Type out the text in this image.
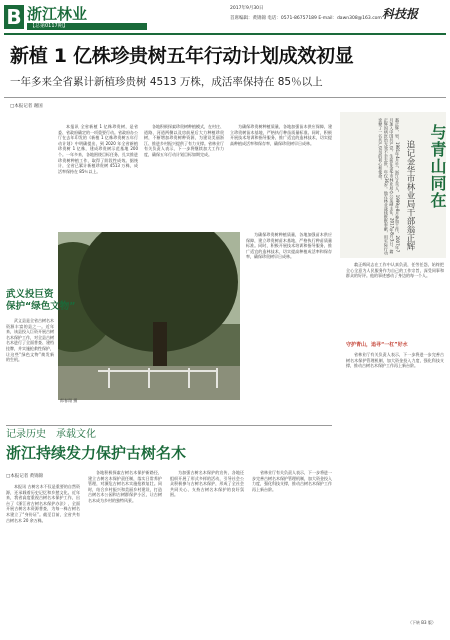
B 浙江林业
【总第0117期】
2017年9月30日
首席编辑：黄锦锦 电话：0571-86757189 E-mail：dawn308@163.com 科技报
新植 1 亿株珍贵树五年行动计划成效初显
一年多来全省累计新植珍贵树 4513 万株，成活率保持在 85％以上
□本报记者 谢国

本报讯 全省新植 1 亿株珍贵树，是省委、省政府确定的一项重要行动。省政府办公厅在去年印发的《新植 1 亿株珍贵树五年行动计划》中明确提出，到 2020 年全省新植珍贵树 1 亿株，建成珍贵树示范基地 200 个。一年多来，各地围绕目标任务，扎实推进珍贵树种植工作，取得了阶段性成效。据统计，全省已累计新植珍贵树 4513 万株，成活率保持在 85％以上。

各地积极探索珍贵树种植模式，在村庄、道路、河道两侧以及房前屋后大力种植珍贵树，不断增加珍贵树种资源，为建设美丽浙江、推进乡村振兴提供了有力支撑。省林业厅有关负责人表示，下一步将继续加大工作力度，确保五年行动计划目标如期完成。

为确保珍贵树种植质量，各地加强苗木供应保障，建立珍贵树苗木基地，严格执行种苗质量标准。同时，积极开展技术培训和指导服务，推广适宜的造林技术，切实提高种植成活率和保存率，确保珍贵树早日成林。	与青山同在
追记金华市林业局干部翁正辉
翁正辉，男，1981年4月生，浙江义乌人，1999年8月参加工作，2007年7月加入中国共产党，生前任金华市林业局办公室副主任。2017年8月3日，翁正辉因病医治无效不幸去世，年仅36岁。他在林业战线默默奉献，用实际行动诠释了一名共产党员的初心和使命。

翁正辉同志在工作中认真负责，任劳任怨，始终把全心全意为人民服务作为自己的工作宗旨，深受同事和群众的好评。他的事迹感动了身边的每一个人。

守护青山，追寻“一杠”好水

省林业厅有关负责人表示，下一步将进一步完善古树名木保护管理机制，加大资金投入力度，强化科技支撑，推动古树名木保护工作再上新台阶。

郎春翔 摄
武义投巨资
保护“绿色文物”

武义县是全省古树名木资源丰富的县之一。近年来，该县投入巨资开展古树名木保护工作，对全县古树名木进行了全面普查、建档挂牌，并实施抢救性保护，让这些“绿色文物”焕发新的生机。

为确保珍贵树种植质量，各地加强苗木供应保障，建立珍贵树苗木基地，严格执行种苗质量标准。同时，积极开展技术培训和指导服务，推广适宜的造林技术，切实提高种植成活率和保存率，确保珍贵树早日成林。

记录历史　承载文化
浙江持续发力保护古树名木
□本报记者 黄锦锦

本报讯 古树名木不仅是重要的自然资源，还承载着历史记忆和乡愁文化。近年来，我省高度重视古树名木保护工作，出台了《浙江省古树名木保护办法》，全面开展古树名木资源普查，为每一株古树名木建立了“身份证”。截至目前，全省共有古树名木 20 余万株。

各地积极探索古树名木保护新路径，建立古树名木保护责任制，落实日常养护管理，对濒危古树名木实施抢救复壮。同时，结合乡村振兴和美丽乡村建设，打造古树名木公园和古树群保护小区，让古树名木成为乡村的独特风景。

为加强古树名木保护的宣传，各地还组织开展了形式多样的活动，引导社会公众积极参与古树名木保护，形成了全社会共同关心、支持古树名木保护的良好氛围。

省林业厅有关负责人表示，下一步将进一步完善古树名木保护管理机制，加大资金投入力度，强化科技支撑，推动古树名木保护工作再上新台阶。

（下转 B3 版）
